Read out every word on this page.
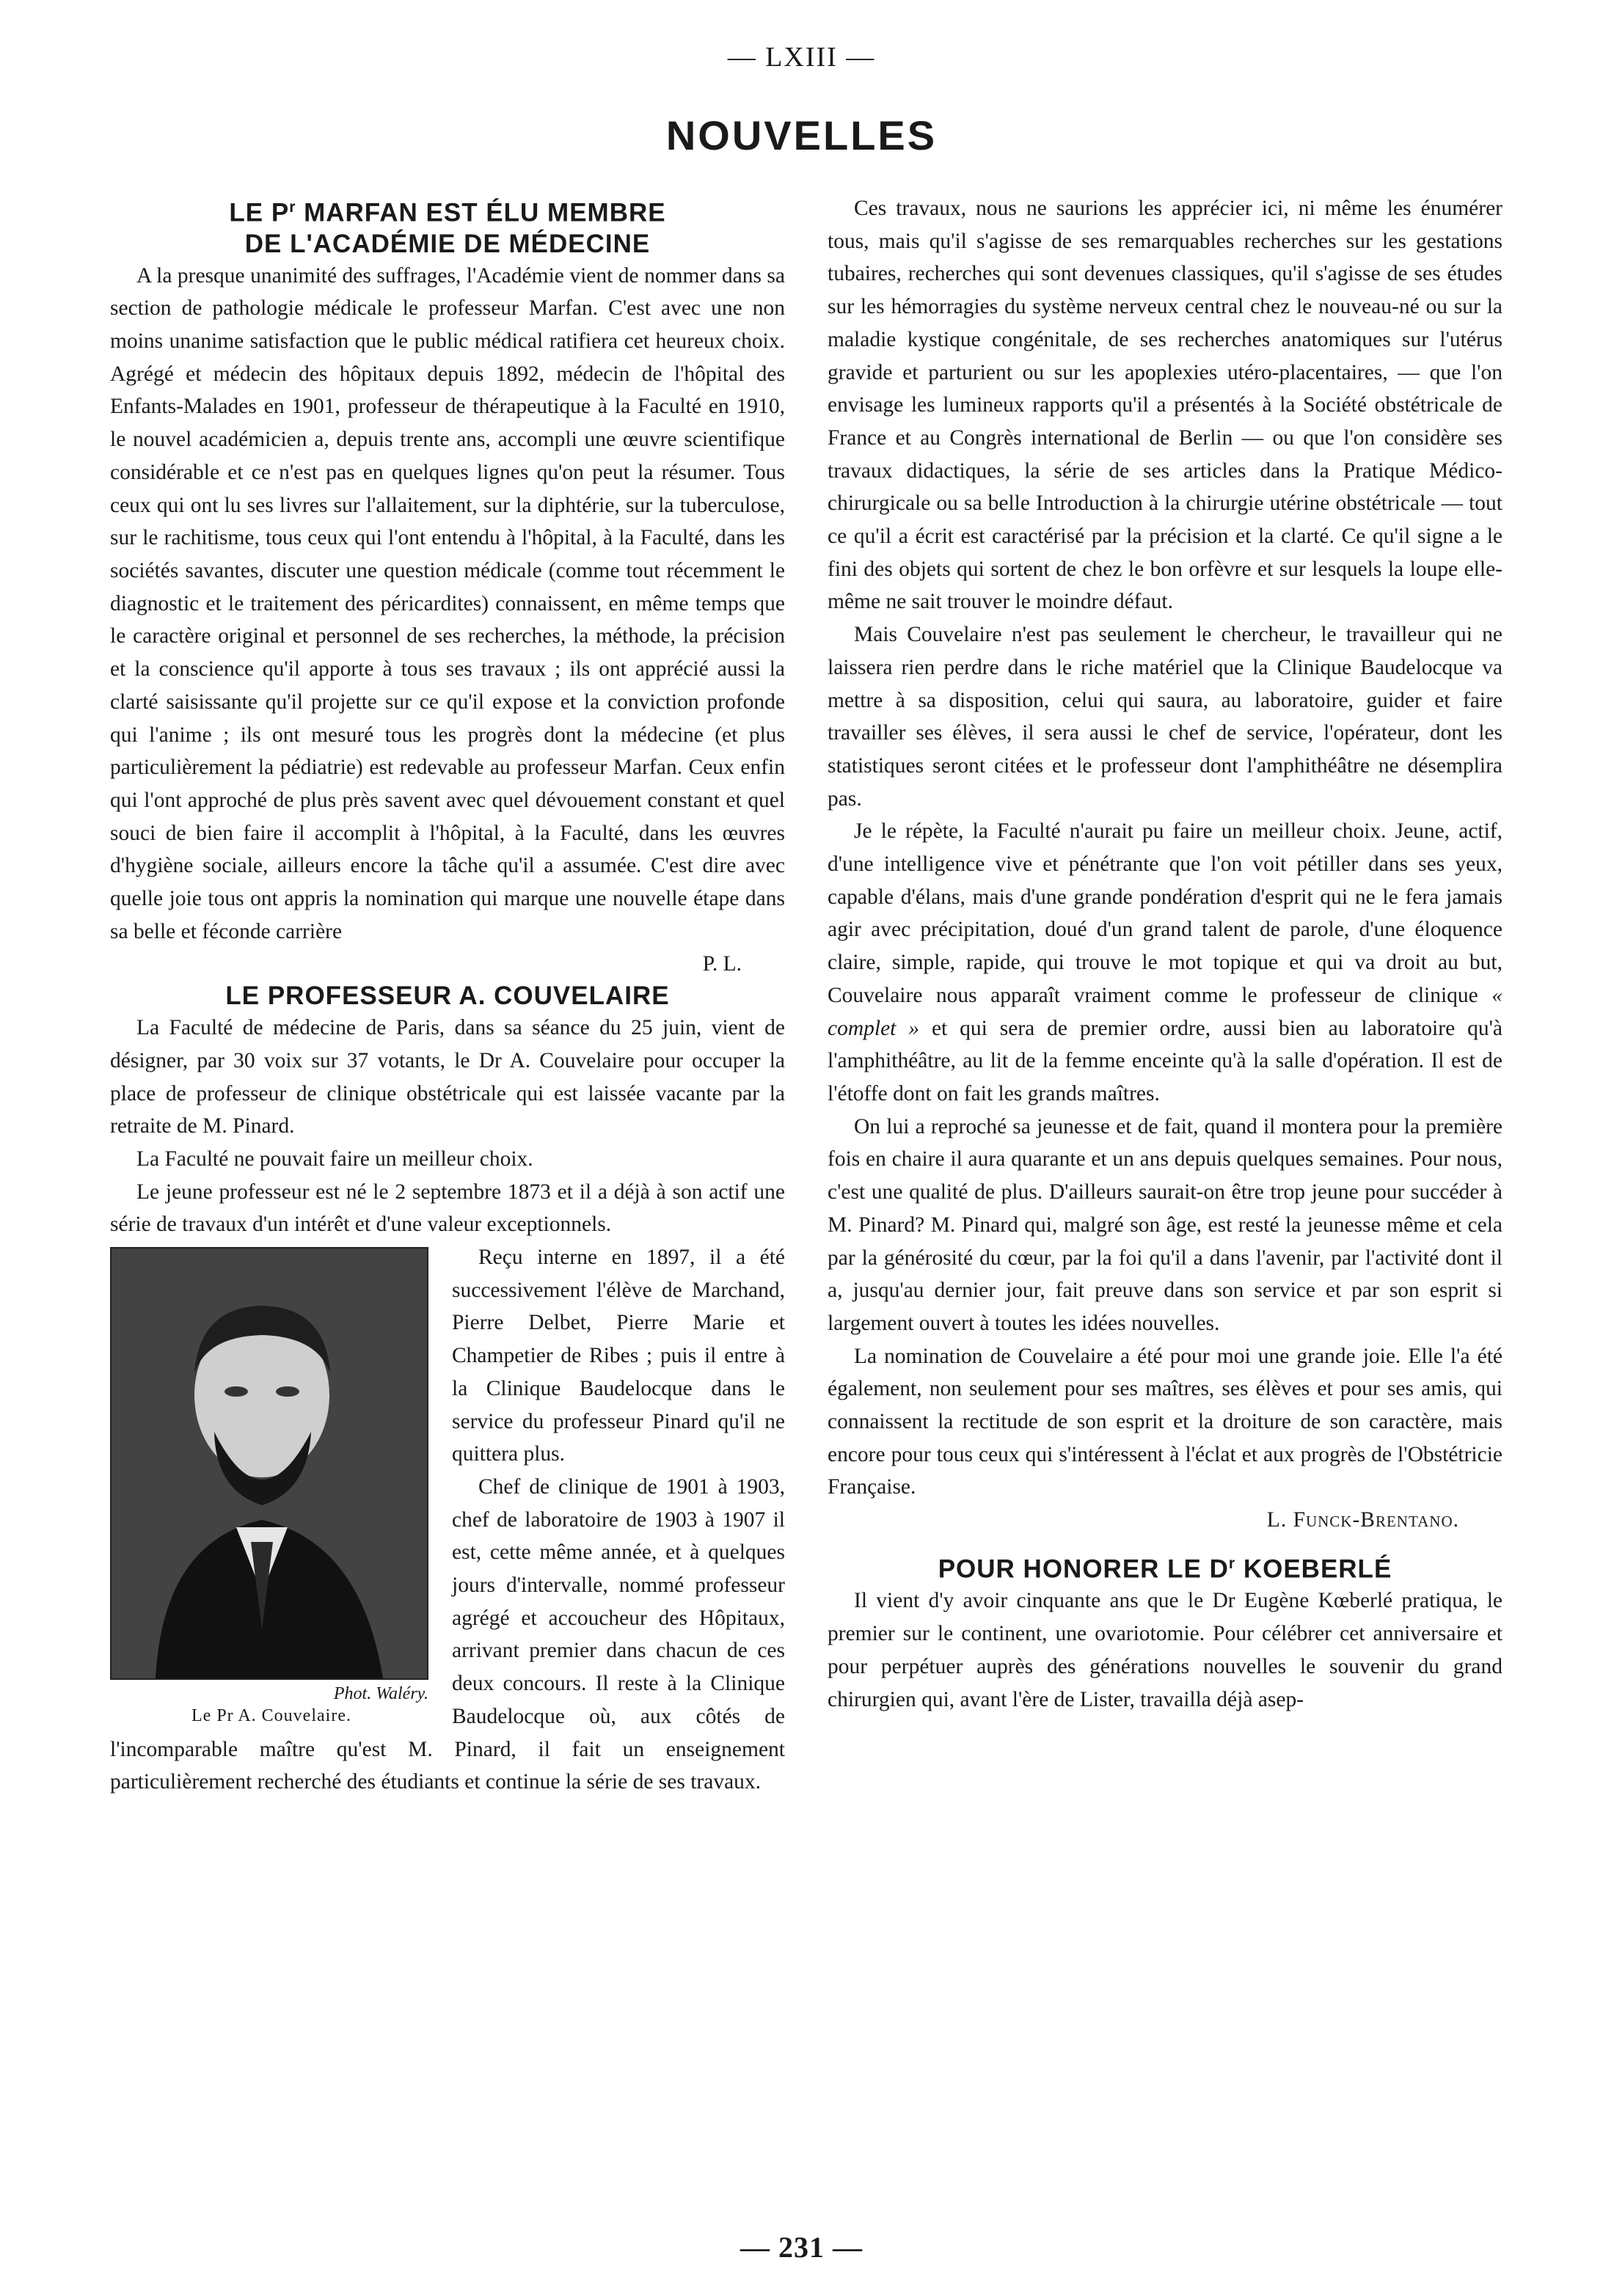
— LXIII —
NOUVELLES
LE $P^r$ MARFAN EST ÉLU MEMBRE
DE L'ACADÉMIE DE MÉDECINE

A la presque unanimité des suffrages, l'Académie vient de nommer dans sa section de pathologie médicale le professeur Marfan. C'est avec une non moins unanime satisfaction que le public médical ratifiera cet heureux choix. Agrégé et médecin des hôpitaux depuis 1892, médecin de l'hôpital des Enfants-Malades en 1901, professeur de thérapeutique à la Faculté en 1910, le nouvel académicien a, depuis trente ans, accompli une œuvre scientifique considérable et ce n'est pas en quelques lignes qu'on peut la résumer. Tous ceux qui ont lu ses livres sur l'allaitement, sur la diphtérie, sur la tuberculose, sur le rachitisme, tous ceux qui l'ont entendu à l'hôpital, à la Faculté, dans les sociétés savantes, discuter une question médicale (comme tout récemment le diagnostic et le traitement des péricardites) connaissent, en même temps que le caractère original et personnel de ses recherches, la méthode, la précision et la conscience qu'il apporte à tous ses travaux ; ils ont apprécié aussi la clarté saisissante qu'il projette sur ce qu'il expose et la conviction profonde qui l'anime ; ils ont mesuré tous les progrès dont la médecine (et plus particulièrement la pédiatrie) est redevable au professeur Marfan. Ceux enfin qui l'ont approché de plus près savent avec quel dévouement constant et quel souci de bien faire il accomplit à l'hôpital, à la Faculté, dans les œuvres d'hygiène sociale, ailleurs encore la tâche qu'il a assumée. C'est dire avec quelle joie tous ont appris la nomination qui marque une nouvelle étape dans sa belle et féconde carrière

P. L.
LE PROFESSEUR A. COUVELAIRE

La Faculté de médecine de Paris, dans sa séance du 25 juin, vient de désigner, par 30 voix sur 37 votants, le Dr A. Couvelaire pour occuper la place de professeur de clinique obstétricale qui est laissée vacante par la retraite de M. Pinard.

La Faculté ne pouvait faire un meilleur choix.

Le jeune professeur est né le 2 septembre 1873 et il a déjà à son actif une série de travaux d'un intérêt et d'une valeur exceptionnels.

Phot. Waléry.
Le Pr A. Couvelaire.

Reçu interne en 1897, il a été successivement l'élève de Marchand, Pierre Delbet, Pierre Marie et Champetier de Ribes ; puis il entre à la Clinique Baudelocque dans le service du professeur Pinard qu'il ne quittera plus.

Chef de clinique de 1901 à 1903, chef de laboratoire de 1903 à 1907 il est, cette même année, et à quelques jours d'intervalle, nommé professeur agrégé et accoucheur des Hôpitaux, arrivant premier dans chacun de ces deux concours. Il reste à la Clinique Baudelocque où, aux côtés de l'incomparable maître qu'est M. Pinard, il fait un enseignement particulièrement recherché des étudiants et continue la série de ses travaux.

Ces travaux, nous ne saurions les apprécier ici, ni même les énumérer tous, mais qu'il s'agisse de ses remarquables recherches sur les gestations tubaires, recherches qui sont devenues classiques, qu'il s'agisse de ses études sur les hémorragies du système nerveux central chez le nouveau-né ou sur la maladie kystique congénitale, de ses recherches anatomiques sur l'utérus gravide et parturient ou sur les apoplexies utéro-placentaires, — que l'on envisage les lumineux rapports qu'il a présentés à la Société obstétricale de France et au Congrès international de Berlin — ou que l'on considère ses travaux didactiques, la série de ses articles dans la Pratique Médico-chirurgicale ou sa belle Introduction à la chirurgie utérine obstétricale — tout ce qu'il a écrit est caractérisé par la précision et la clarté. Ce qu'il signe a le fini des objets qui sortent de chez le bon orfèvre et sur lesquels la loupe elle-même ne sait trouver le moindre défaut.

Mais Couvelaire n'est pas seulement le chercheur, le travailleur qui ne laissera rien perdre dans le riche matériel que la Clinique Baudelocque va mettre à sa disposition, celui qui saura, au laboratoire, guider et faire travailler ses élèves, il sera aussi le chef de service, l'opérateur, dont les statistiques seront citées et le professeur dont l'amphithéâtre ne désemplira pas.

Je le répète, la Faculté n'aurait pu faire un meilleur choix. Jeune, actif, d'une intelligence vive et pénétrante que l'on voit pétiller dans ses yeux, capable d'élans, mais d'une grande pondération d'esprit qui ne le fera jamais agir avec précipitation, doué d'un grand talent de parole, d'une éloquence claire, simple, rapide, qui trouve le mot topique et qui va droit au but, Couvelaire nous apparaît vraiment comme le professeur de clinique « complet » et qui sera de premier ordre, aussi bien au laboratoire qu'à l'amphithéâtre, au lit de la femme enceinte qu'à la salle d'opération. Il est de l'étoffe dont on fait les grands maîtres.

On lui a reproché sa jeunesse et de fait, quand il montera pour la première fois en chaire il aura quarante et un ans depuis quelques semaines. Pour nous, c'est une qualité de plus. D'ailleurs saurait-on être trop jeune pour succéder à M. Pinard? M. Pinard qui, malgré son âge, est resté la jeunesse même et cela par la générosité du cœur, par la foi qu'il a dans l'avenir, par l'activité dont il a, jusqu'au dernier jour, fait preuve dans son service et par son esprit si largement ouvert à toutes les idées nouvelles.

La nomination de Couvelaire a été pour moi une grande joie. Elle l'a été également, non seulement pour ses maîtres, ses élèves et pour ses amis, qui connaissent la rectitude de son esprit et la droiture de son caractère, mais encore pour tous ceux qui s'intéressent à l'éclat et aux progrès de l'Obstétricie Française.

L. Funck-Brentano.
POUR HONORER LE $D^r$ KOEBERLÉ

Il vient d'y avoir cinquante ans que le Dr Eugène Kœberlé pratiqua, le premier sur le continent, une ovariotomie. Pour célébrer cet anniversaire et pour perpétuer auprès des générations nouvelles le souvenir du grand chirurgien qui, avant l'ère de Lister, travailla déjà asep-

— 231 —
